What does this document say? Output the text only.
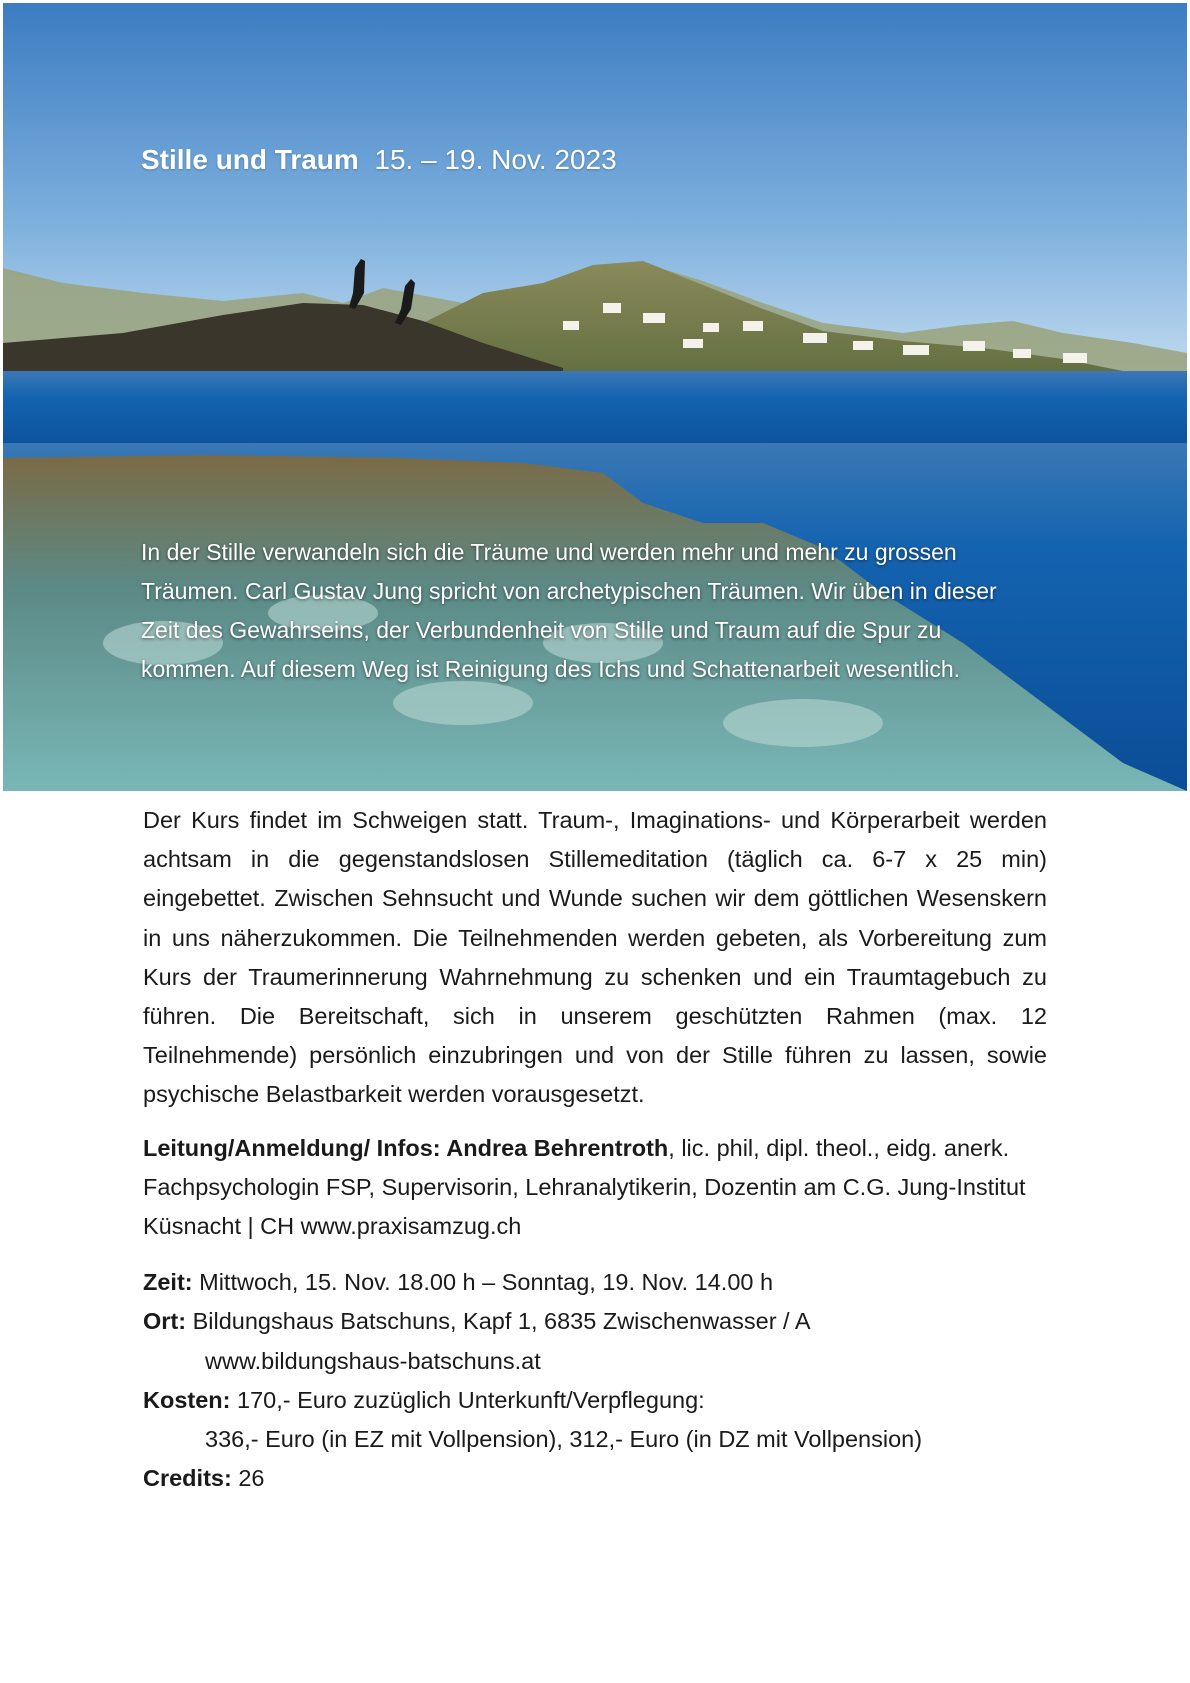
Stille und Traum 15. – 19. Nov. 2023
In der Stille verwandeln sich die Träume und werden mehr und mehr zu grossen Träumen. Carl Gustav Jung spricht von archetypischen Träumen. Wir üben in dieser Zeit des Gewahrseins, der Verbundenheit von Stille und Traum auf die Spur zu kommen. Auf diesem Weg ist Reinigung des Ichs und Schattenarbeit wesentlich.
Der Kurs findet im Schweigen statt. Traum-, Imaginations- und Körperarbeit werden achtsam in die gegenstandslosen Stillemeditation (täglich ca. 6-7 x 25 min) eingebettet. Zwischen Sehnsucht und Wunde suchen wir dem göttlichen Wesenskern in uns näherzukommen. Die Teilnehmenden werden gebeten, als Vorbereitung zum Kurs der Traumerinnerung Wahrnehmung zu schenken und ein Traumtagebuch zu führen. Die Bereitschaft, sich in unserem geschützten Rahmen (max. 12 Teilnehmende) persönlich einzubringen und von der Stille führen zu lassen, sowie psychische Belastbarkeit werden vorausgesetzt.
Leitung/Anmeldung/ Infos: Andrea Behrentroth, lic. phil, dipl. theol., eidg. anerk. Fachpsychologin FSP, Supervisorin, Lehranalytikerin, Dozentin am C.G. Jung-Institut Küsnacht | CH www.praxisamzug.ch
Zeit: Mittwoch, 15. Nov. 18.00 h – Sonntag, 19. Nov. 14.00 h
Ort: Bildungshaus Batschuns, Kapf 1, 6835 Zwischenwasser / A
www.bildungshaus-batschuns.at
Kosten: 170,- Euro zuzüglich Unterkunft/Verpflegung:
336,- Euro (in EZ mit Vollpension), 312,- Euro (in DZ mit Vollpension)
Credits: 26
